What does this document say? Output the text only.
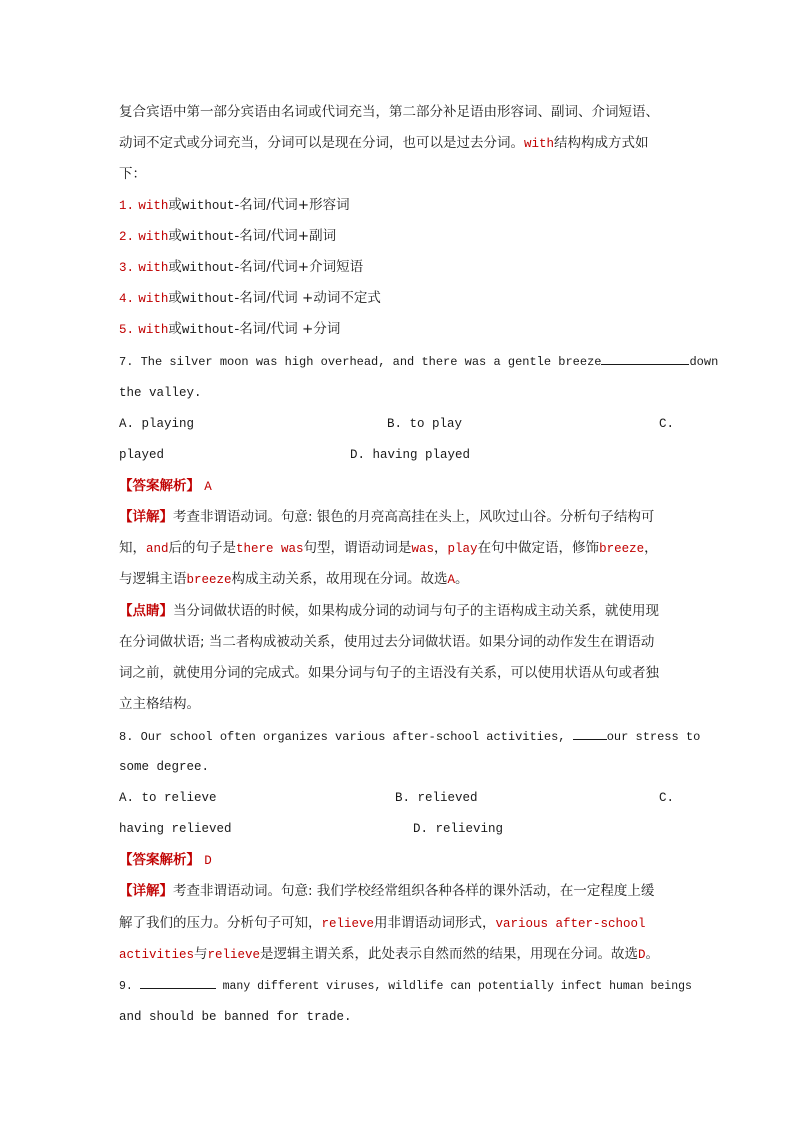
复合宾语中第一部分宾语由名词或代词充当，第二部分补足语由形容词、副词、介词短语、
动词不定式或分词充当，分词可以是现在分词，也可以是过去分词。with结构构成方式如
下：
1. with或without-名词/代词+形容词
2. with或without-名词/代词+副词
3. with或without-名词/代词+介词短语
4. with或without-名词/代词 +动词不定式
5. with或without-名词/代词 +分词
7. The silver moon was high overhead, and there was a gentle breeze	down
the valley.
A. playing	B. to play	C.
played	D. having played
【答案解析】 A
【详解】考查非谓语动词。句意: 银色的月亮高高挂在头上，风吹过山谷。分析句子结构可
知，and后的句子是there was句型，谓语动词是was，play在句中做定语，修饰breeze，
与逻辑主语breeze构成主动关系，故用现在分词。故选A。
【点睛】当分词做状语的时候，如果构成分词的动词与句子的主语构成主动关系，就使用现
在分词做状语; 当二者构成被动关系，使用过去分词做状语。如果分词的动作发生在谓语动
词之前，就使用分词的完成式。如果分词与句子的主语没有关系，可以使用状语从句或者独
立主格结构。
8. Our school often organizes various after-school activities,	our stress to
some degree.
A. to relieve	B. relieved	C.
having relieved	D. relieving
【答案解析】 D
【详解】考查非谓语动词。句意: 我们学校经常组织各种各样的课外活动，在一定程度上缓
解了我们的压力。分析句子可知，relieve用非谓语动词形式，various after-school
activities与relieve是逻辑主谓关系，此处表示自然而然的结果，用现在分词。故选D。
9.	many different viruses, wildlife can potentially infect human beings
and should be banned for trade.
